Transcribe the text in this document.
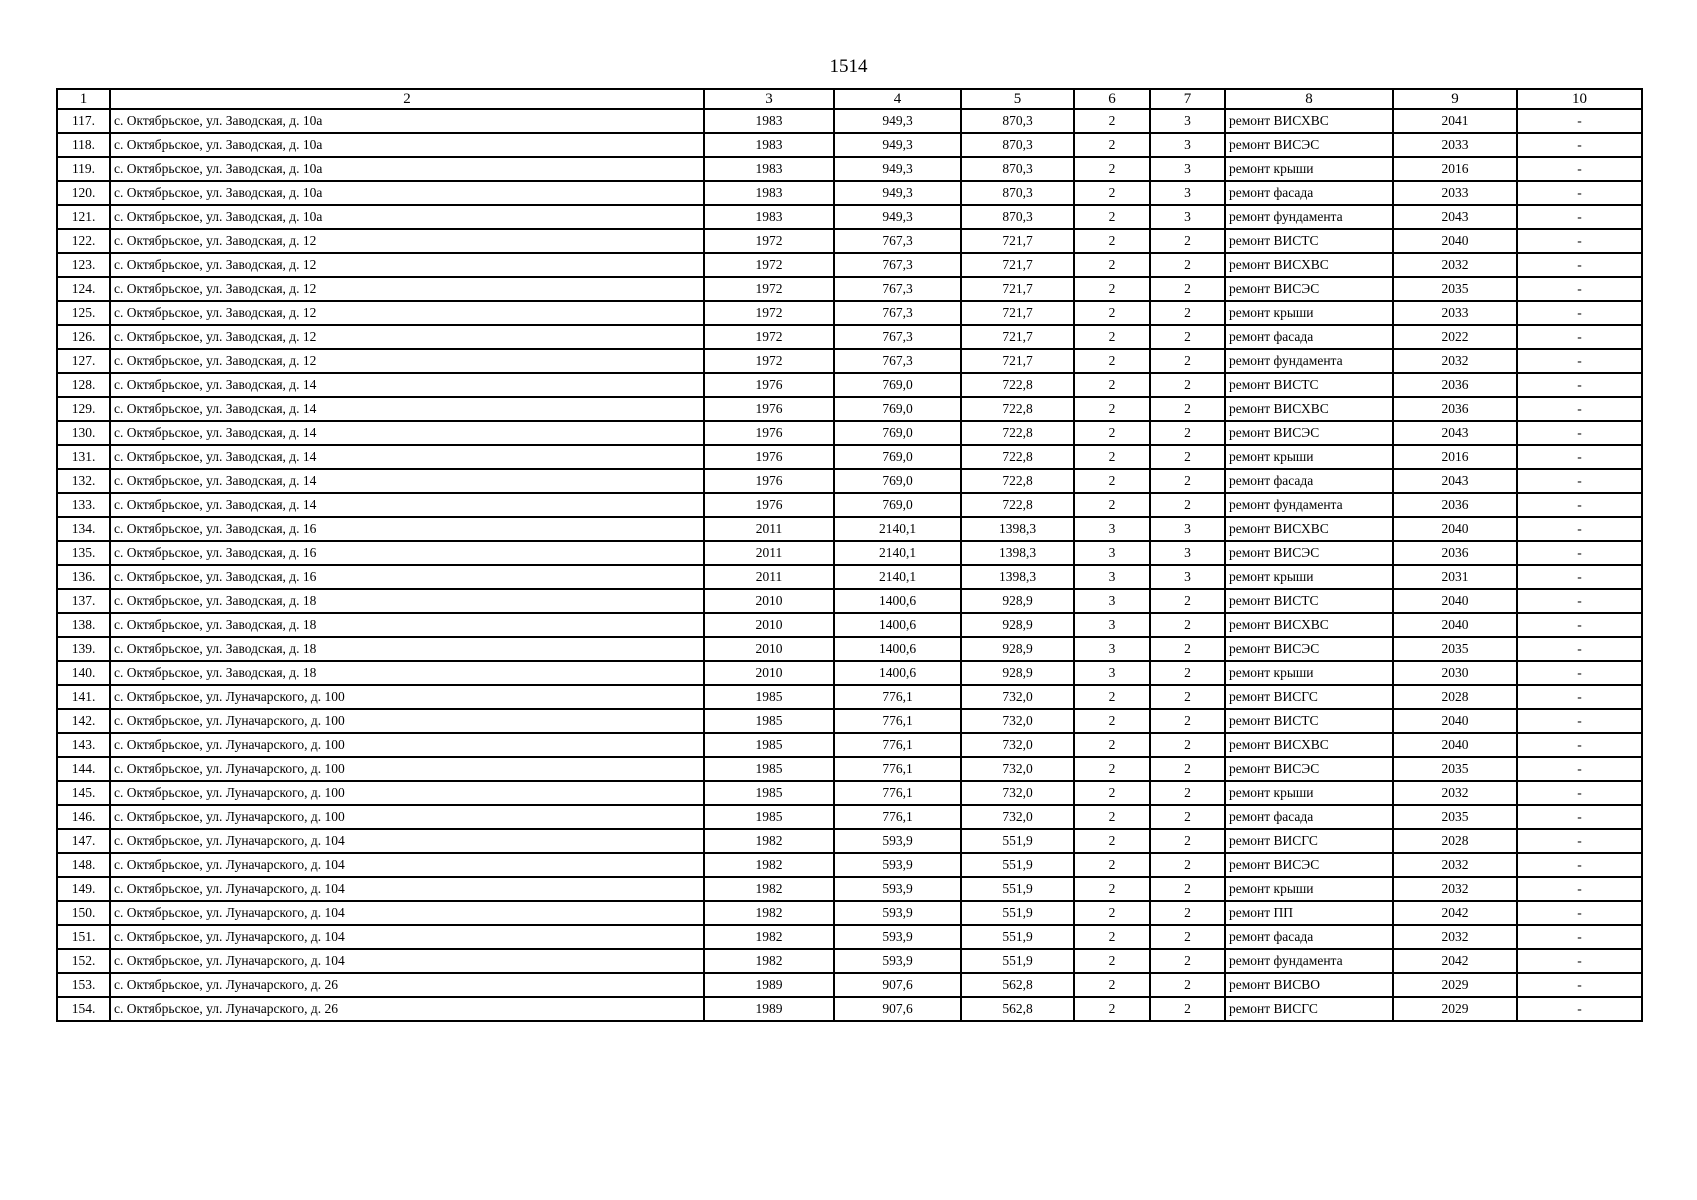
1514
1	2	3	4	5	6	7	8	9	10
117.	с. Октябрьское, ул. Заводская, д. 10а	1983	949,3	870,3	2	3	ремонт ВИСХВС	2041	-
118.	с. Октябрьское, ул. Заводская, д. 10а	1983	949,3	870,3	2	3	ремонт ВИСЭС	2033	-
119.	с. Октябрьское, ул. Заводская, д. 10а	1983	949,3	870,3	2	3	ремонт крыши	2016	-
120.	с. Октябрьское, ул. Заводская, д. 10а	1983	949,3	870,3	2	3	ремонт фасада	2033	-
121.	с. Октябрьское, ул. Заводская, д. 10а	1983	949,3	870,3	2	3	ремонт фундамента	2043	-
122.	с. Октябрьское, ул. Заводская, д. 12	1972	767,3	721,7	2	2	ремонт ВИСТС	2040	-
123.	с. Октябрьское, ул. Заводская, д. 12	1972	767,3	721,7	2	2	ремонт ВИСХВС	2032	-
124.	с. Октябрьское, ул. Заводская, д. 12	1972	767,3	721,7	2	2	ремонт ВИСЭС	2035	-
125.	с. Октябрьское, ул. Заводская, д. 12	1972	767,3	721,7	2	2	ремонт крыши	2033	-
126.	с. Октябрьское, ул. Заводская, д. 12	1972	767,3	721,7	2	2	ремонт фасада	2022	-
127.	с. Октябрьское, ул. Заводская, д. 12	1972	767,3	721,7	2	2	ремонт фундамента	2032	-
128.	с. Октябрьское, ул. Заводская, д. 14	1976	769,0	722,8	2	2	ремонт ВИСТС	2036	-
129.	с. Октябрьское, ул. Заводская, д. 14	1976	769,0	722,8	2	2	ремонт ВИСХВС	2036	-
130.	с. Октябрьское, ул. Заводская, д. 14	1976	769,0	722,8	2	2	ремонт ВИСЭС	2043	-
131.	с. Октябрьское, ул. Заводская, д. 14	1976	769,0	722,8	2	2	ремонт крыши	2016	-
132.	с. Октябрьское, ул. Заводская, д. 14	1976	769,0	722,8	2	2	ремонт фасада	2043	-
133.	с. Октябрьское, ул. Заводская, д. 14	1976	769,0	722,8	2	2	ремонт фундамента	2036	-
134.	с. Октябрьское, ул. Заводская, д. 16	2011	2140,1	1398,3	3	3	ремонт ВИСХВС	2040	-
135.	с. Октябрьское, ул. Заводская, д. 16	2011	2140,1	1398,3	3	3	ремонт ВИСЭС	2036	-
136.	с. Октябрьское, ул. Заводская, д. 16	2011	2140,1	1398,3	3	3	ремонт крыши	2031	-
137.	с. Октябрьское, ул. Заводская, д. 18	2010	1400,6	928,9	3	2	ремонт ВИСТС	2040	-
138.	с. Октябрьское, ул. Заводская, д. 18	2010	1400,6	928,9	3	2	ремонт ВИСХВС	2040	-
139.	с. Октябрьское, ул. Заводская, д. 18	2010	1400,6	928,9	3	2	ремонт ВИСЭС	2035	-
140.	с. Октябрьское, ул. Заводская, д. 18	2010	1400,6	928,9	3	2	ремонт крыши	2030	-
141.	с. Октябрьское, ул. Луначарского, д. 100	1985	776,1	732,0	2	2	ремонт ВИСГС	2028	-
142.	с. Октябрьское, ул. Луначарского, д. 100	1985	776,1	732,0	2	2	ремонт ВИСТС	2040	-
143.	с. Октябрьское, ул. Луначарского, д. 100	1985	776,1	732,0	2	2	ремонт ВИСХВС	2040	-
144.	с. Октябрьское, ул. Луначарского, д. 100	1985	776,1	732,0	2	2	ремонт ВИСЭС	2035	-
145.	с. Октябрьское, ул. Луначарского, д. 100	1985	776,1	732,0	2	2	ремонт крыши	2032	-
146.	с. Октябрьское, ул. Луначарского, д. 100	1985	776,1	732,0	2	2	ремонт фасада	2035	-
147.	с. Октябрьское, ул. Луначарского, д. 104	1982	593,9	551,9	2	2	ремонт ВИСГС	2028	-
148.	с. Октябрьское, ул. Луначарского, д. 104	1982	593,9	551,9	2	2	ремонт ВИСЭС	2032	-
149.	с. Октябрьское, ул. Луначарского, д. 104	1982	593,9	551,9	2	2	ремонт крыши	2032	-
150.	с. Октябрьское, ул. Луначарского, д. 104	1982	593,9	551,9	2	2	ремонт ПП	2042	-
151.	с. Октябрьское, ул. Луначарского, д. 104	1982	593,9	551,9	2	2	ремонт фасада	2032	-
152.	с. Октябрьское, ул. Луначарского, д. 104	1982	593,9	551,9	2	2	ремонт фундамента	2042	-
153.	с. Октябрьское, ул. Луначарского, д. 26	1989	907,6	562,8	2	2	ремонт ВИСВО	2029	-
154.	с. Октябрьское, ул. Луначарского, д. 26	1989	907,6	562,8	2	2	ремонт ВИСГС	2029	-
